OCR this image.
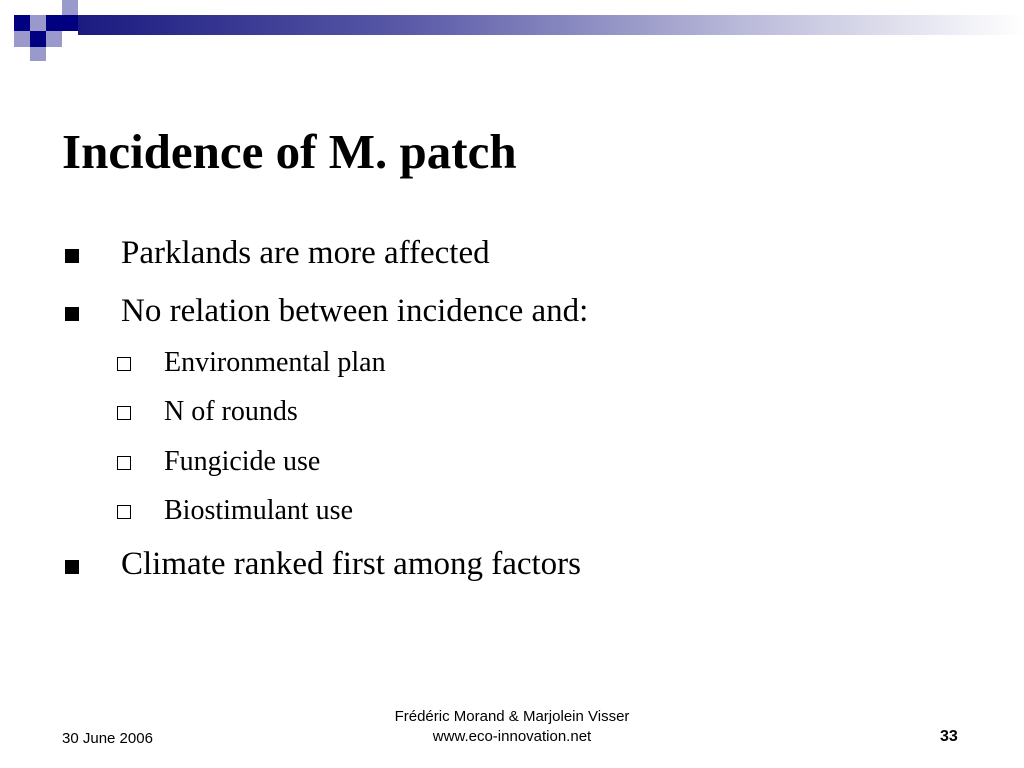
Incidence of M. patch
Parklands are more affected
No relation between incidence and:
Environmental plan
N of rounds
Fungicide use
Biostimulant use
Climate ranked first among factors
30 June 2006
Frédéric Morand & Marjolein Visser
www.eco-innovation.net	33
